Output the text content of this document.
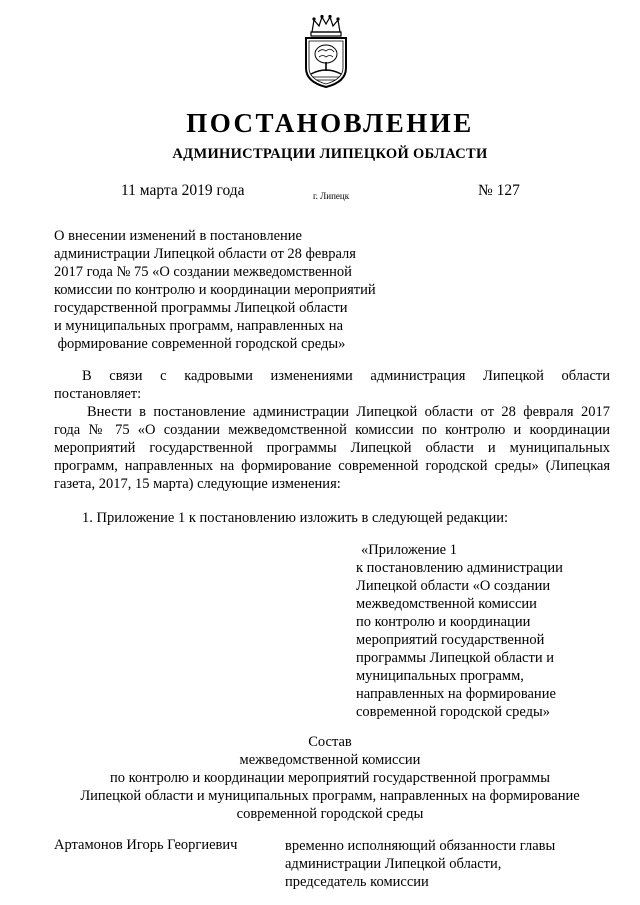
ПОСТАНОВЛЕНИЕ
АДМИНИСТРАЦИИ ЛИПЕЦКОЙ ОБЛАСТИ
11 марта 2019 года	г. Липецк	№ 127
О внесении изменений в постановление
администрации Липецкой области от 28 февраля
2017 года № 75 «О создании межведомственной
комиссии по контролю и координации мероприятий
государственной программы Липецкой области
и муниципальных программ, направленных на
формирование современной городской среды»
В связи с кадровыми изменениями администрация Липецкой области
постановляет:
Внести в постановление администрации Липецкой области от 28 февраля 2017
года № 75 «О создании межведомственной комиссии по контролю и координации
мероприятий государственной программы Липецкой области и муниципальных
программ, направленных на формирование современной городской среды» (Липецкая
газета, 2017, 15 марта) следующие изменения:
1. Приложение 1 к постановлению изложить в следующей редакции:
«Приложение 1
к постановлению администрации
Липецкой области «О создании
межведомственной комиссии
по контролю и координации
мероприятий государственной
программы Липецкой области и
муниципальных программ,
направленных на формирование
современной городской среды»
Состав
межведомственной комиссии
по контролю и координации мероприятий государственной программы
Липецкой области и муниципальных программ, направленных на формирование
современной городской среды
Артамонов Игорь Георгиевич	временно исполняющий обязанности главы
администрации Липецкой области,
председатель комиссии
